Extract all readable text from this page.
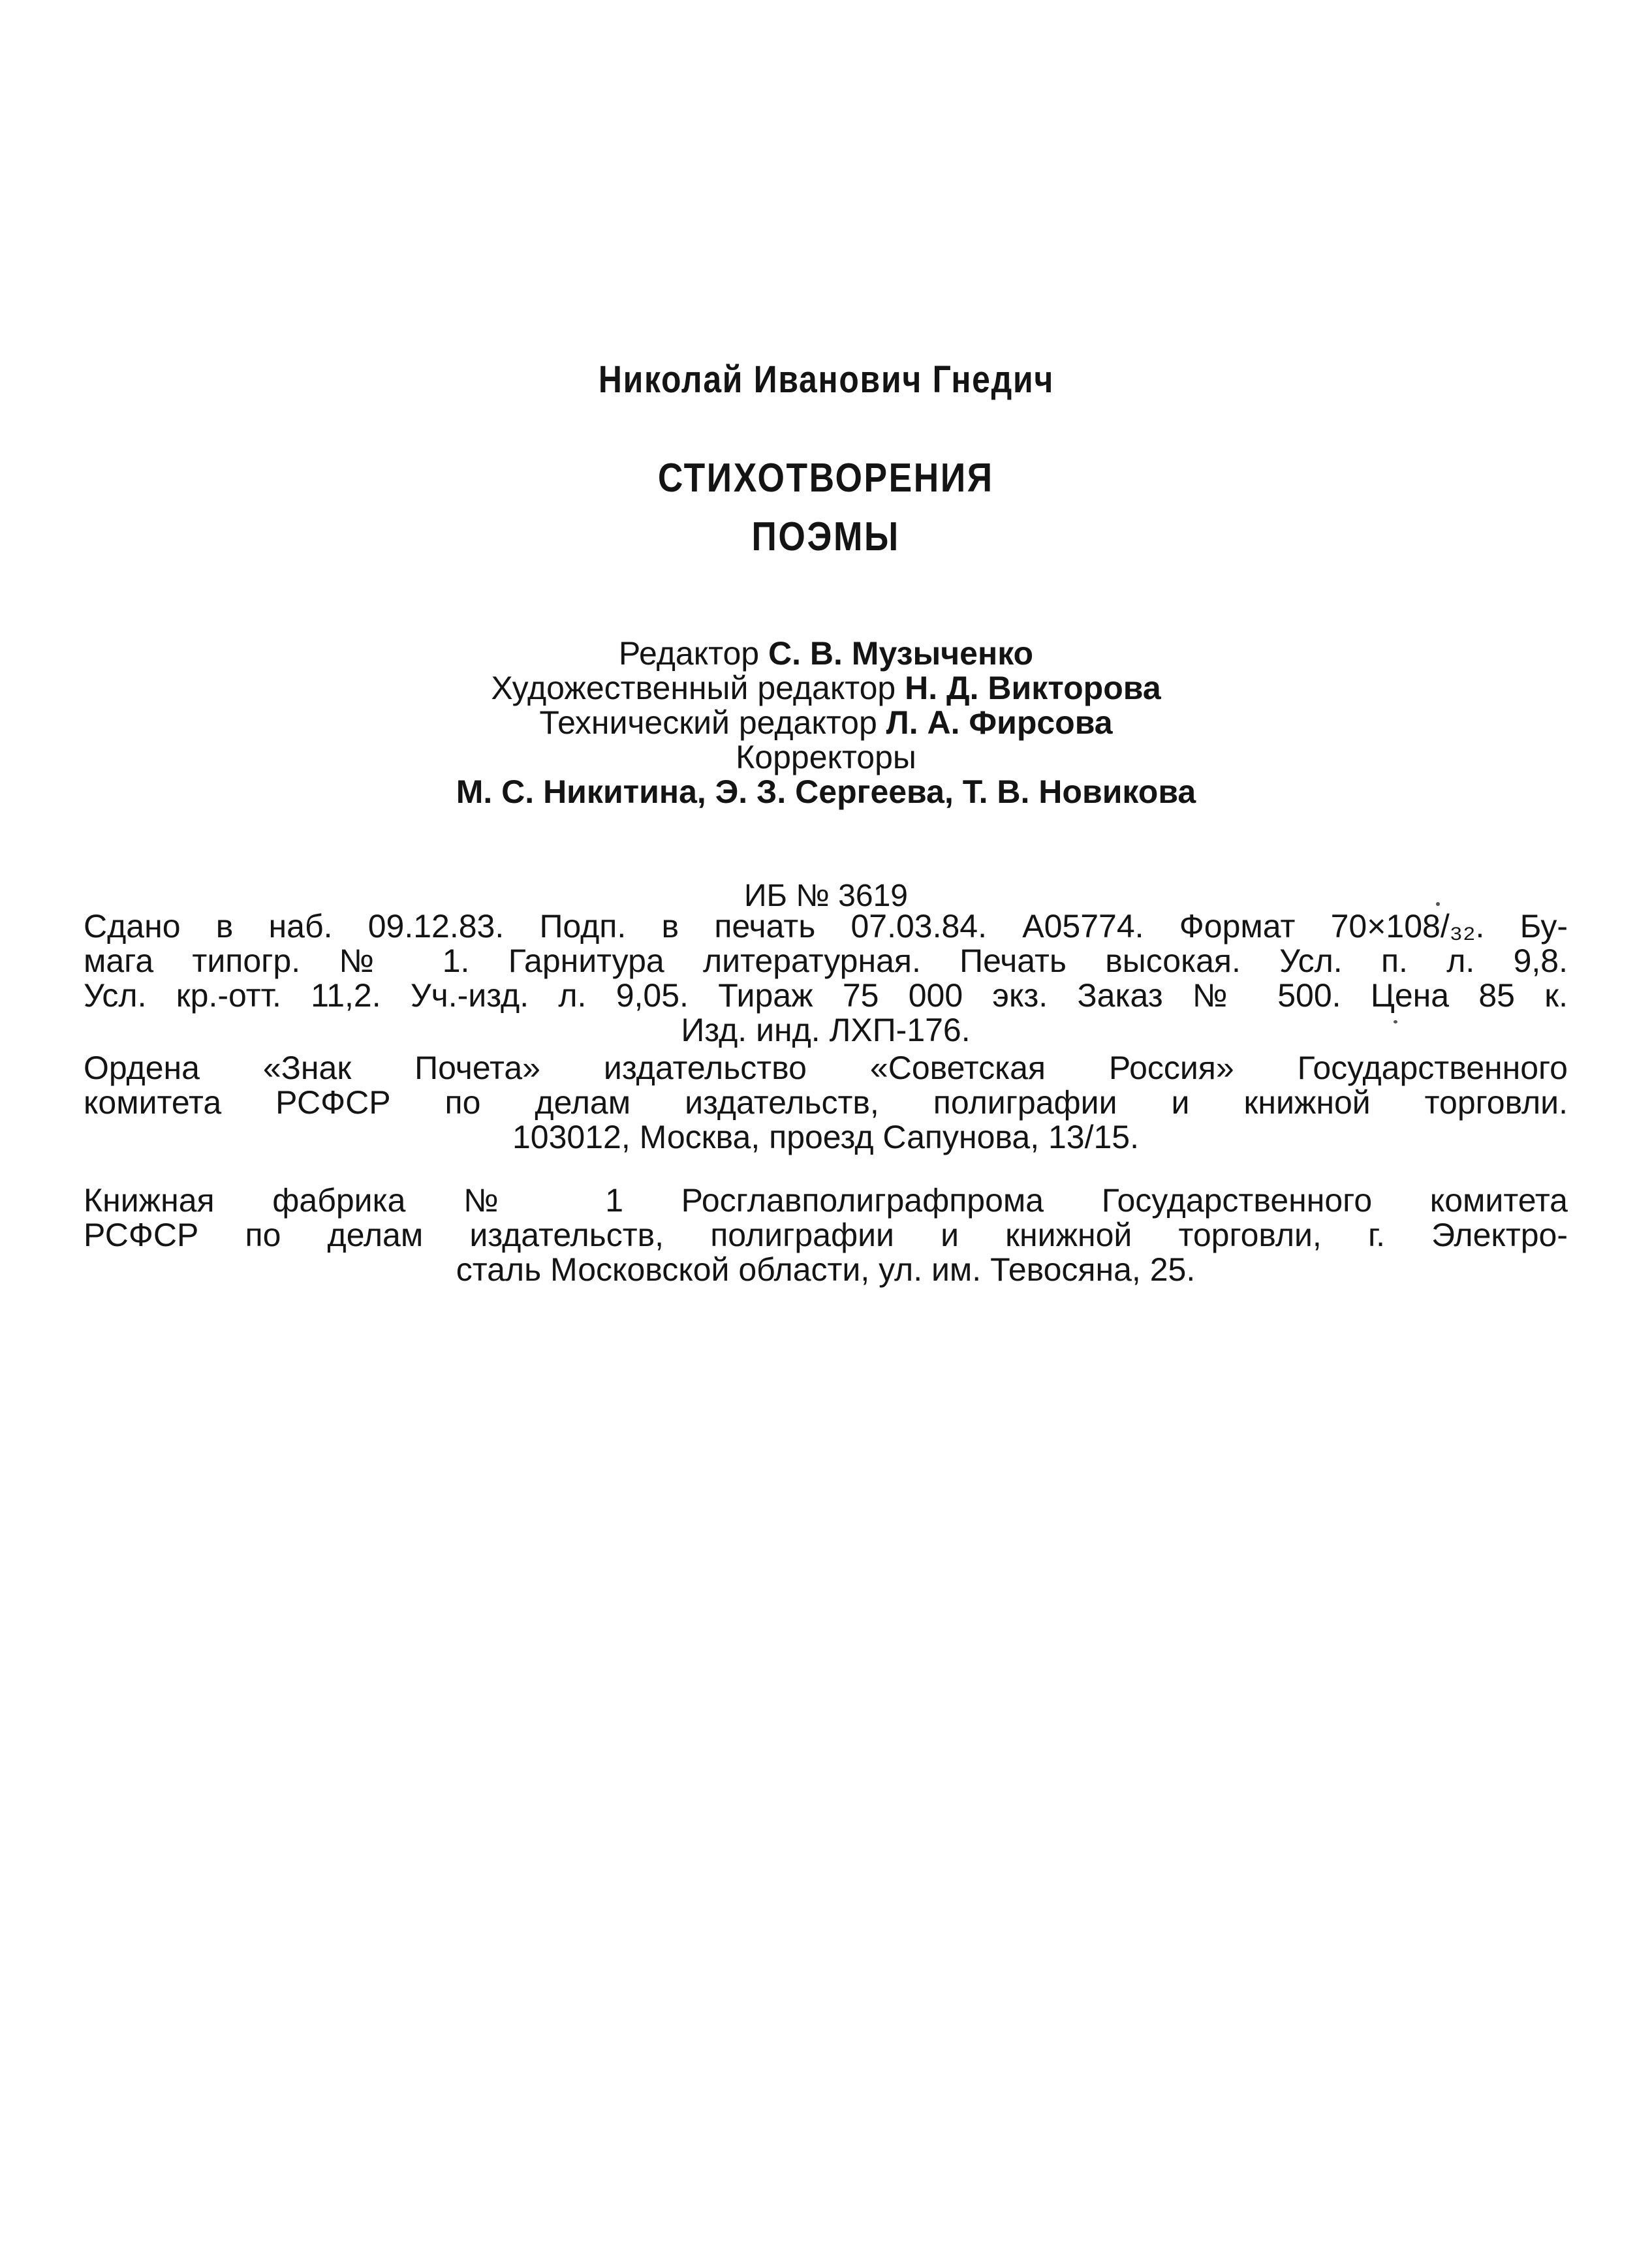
Николай Иванович Гнедич
СТИХОТВОРЕНИЯ
ПОЭМЫ
Редактор С. В. Музыченко
Художественный редактор Н. Д. Викторова
Технический редактор Л. А. Фирсова
Корректоры
М. С. Никитина, Э. З. Сергеева, Т. В. Новикова
ИБ № 3619
Сдано в наб. 09.12.83. Подп. в печать 07.03.84. А05774. Формат 70×108/₃₂. Бу-
мага типогр. № 1. Гарнитура литературная. Печать высокая. Усл. п. л. 9,8.
Усл. кр.-отт. 11,2. Уч.-изд. л. 9,05. Тираж 75 000 экз. Заказ № 500. Цена 85 к.
Изд. инд. ЛХП-176.
Ордена «Знак Почета» издательство «Советская Россия» Государственного
комитета РСФСР по делам издательств, полиграфии и книжной торговли.
103012, Москва, проезд Сапунова, 13/15.
Книжная фабрика № 1 Росглавполиграфпрома Государственного комитета
РСФСР по делам издательств, полиграфии и книжной торговли, г. Электро-
сталь Московской области, ул. им. Тевосяна, 25.
